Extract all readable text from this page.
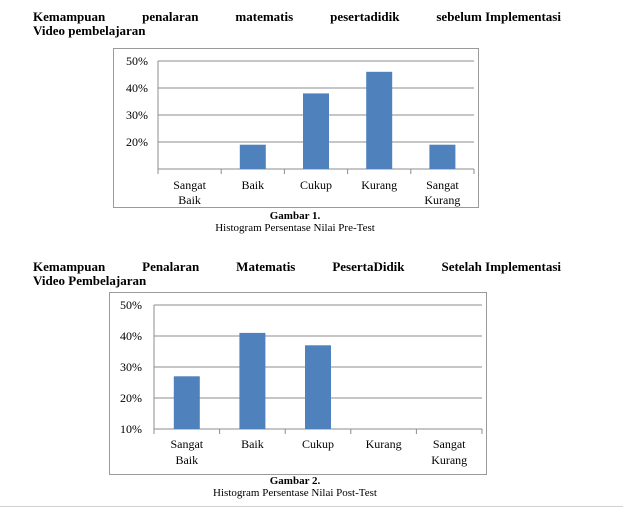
Kemampuan	penalaran	matematis	pesertadidik	sebelum Implementasi
Video pembelajaran
50%
40%
30%
20%
Sangat
Baik
Baik	Cukup Kurang Sangat
Kurang
Gambar 1.
Histogram Persentase Nilai Pre-Test
Kemampuan	Penalaran	Matematis	PesertaDidik	Setelah Implementasi
Video Pembelajaran
50%
40%
30%
20%
10%
Sangat
Baik
Baik	Cukup	Kurang	Sangat
Kurang
Gambar 2.
Histogram Persentase Nilai Post-Test
